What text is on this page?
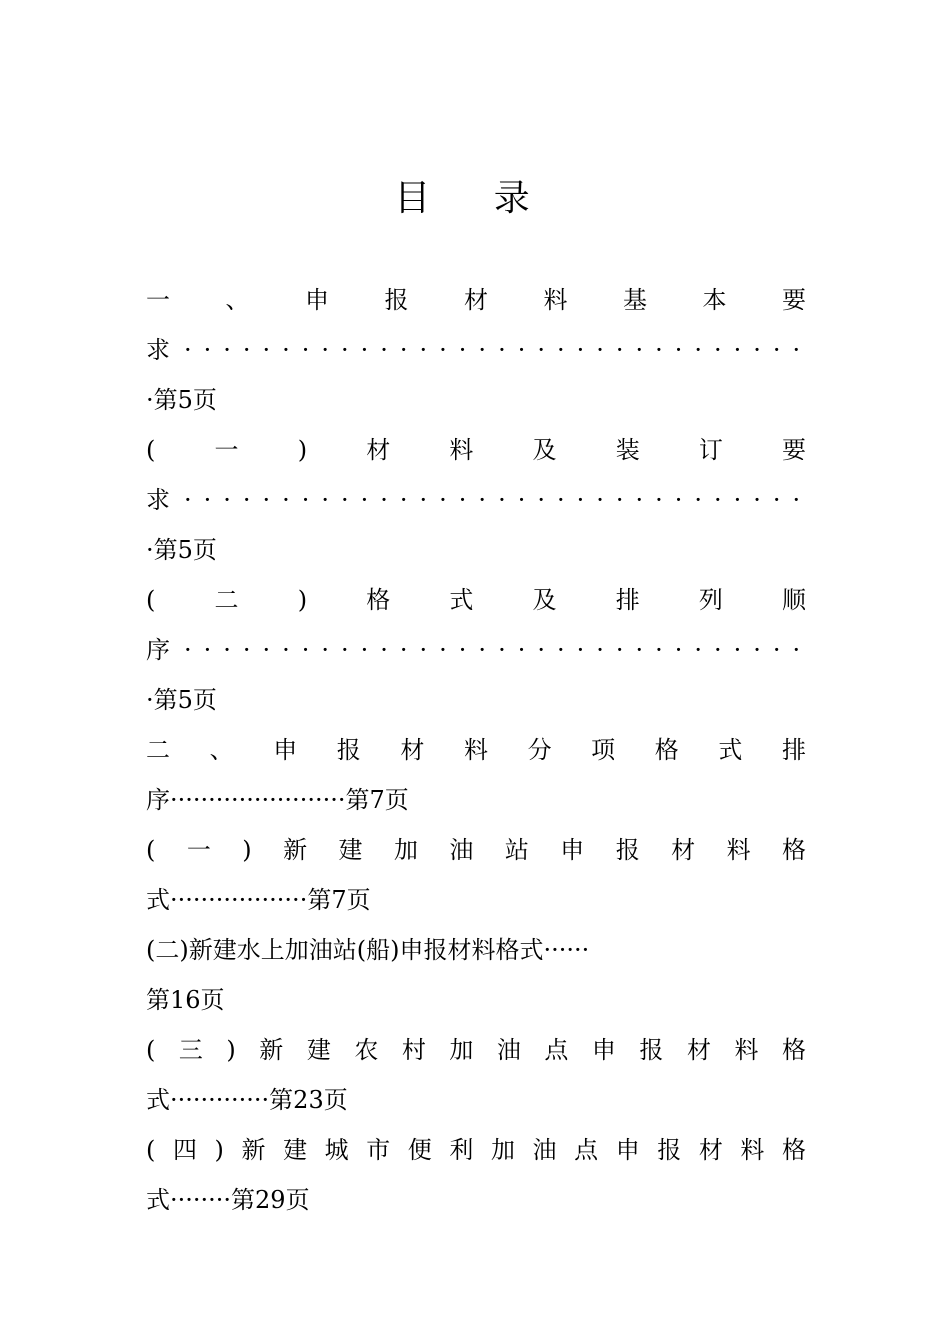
目 录
一 、 申 报 材 料 基 本 要
求
·····
·第5页
( 一 ) 材 料 及 装 订 要
求
·····
·第5页
( 二 ) 格 式 及 排 列 顺
序
·····
·第5页
二 、 申 报 材 料 分 项 格 式 排
序·······················第7页
( 一 ) 新 建 加 油 站 申 报 材 料 格
式··················第7页
(二)新建水上加油站(船)申报材料格式······
第16页
( 三 ) 新 建 农 村 加 油 点 申 报 材 料 格
式·············第23页
( 四 ) 新 建 城 市 便 利 加 油 点 申 报 材 料 格
式········第29页
